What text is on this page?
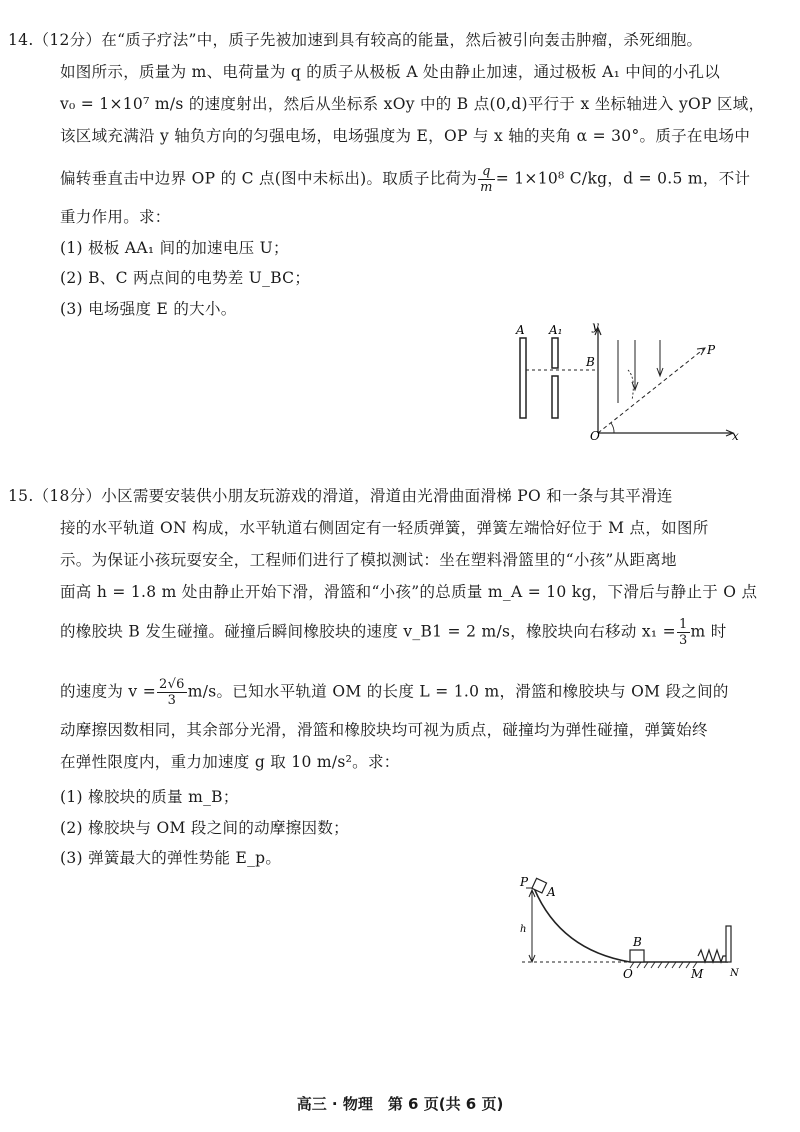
14.（12分）在“质子疗法”中，质子先被加速到具有较高的能量，然后被引向轰击肿瘤，杀死细胞。
如图所示，质量为 m、电荷量为 q 的质子从极板 A 处由静止加速，通过极板 A₁ 中间的小孔以
v₀ = 1×10⁷ m/s 的速度射出，然后从坐标系 xOy 中的 B 点(0,d)平行于 x 坐标轴进入 yOP 区域，
该区域充满沿 y 轴负方向的匀强电场，电场强度为 E，OP 与 x 轴的夹角 α = 30°。质子在电场中
偏转垂直击中边界 OP 的 C 点(图中未标出)。取质子比荷为 $\frac{q}{m} = 1\times 10^8$ C/kg，d = 0.5 m，不计
重力作用。求：
(1) 极板 AA₁ 间的加速电压 U；
(2) B、C 两点间的电势差 U_BC；
(3) 电场强度 E 的大小。
A A₁ y
B
P
O	x
15.（18分）小区需要安装供小朋友玩游戏的滑道，滑道由光滑曲面滑梯 PO 和一条与其平滑连
接的水平轨道 ON 构成，水平轨道右侧固定有一轻质弹簧，弹簧左端恰好位于 M 点，如图所
示。为保证小孩玩耍安全，工程师们进行了模拟测试：坐在塑料滑篮里的“小孩”从距离地
面高 h = 1.8 m 处由静止开始下滑，滑篮和“小孩”的总质量 m_A = 10 kg，下滑后与静止于 O 点
的橡胶块 B 发生碰撞。碰撞后瞬间橡胶块的速度 v_B1 = 2 m/s，橡胶块向右移动 $x_1 = \frac{1}{3}$ m 时
的速度为 $v = \frac{2√6}{3} m/s$。已知水平轨道 OM 的长度 L = 1.0 m，滑篮和橡胶块与 OM 段之间的
动摩擦因数相同，其余部分光滑，滑篮和橡胶块均可视为质点，碰撞均为弹性碰撞，弹簧始终
在弹性限度内，重力加速度 g 取 10 m/s²。求：
(1) 橡胶块的质量 m_B；
(2) 橡胶块与 OM 段之间的动摩擦因数；
(3) 弹簧最大的弹性势能 E_p。
P
A
h
B
O	M	N
高三 · 物理　第 6 页(共 6 页)
